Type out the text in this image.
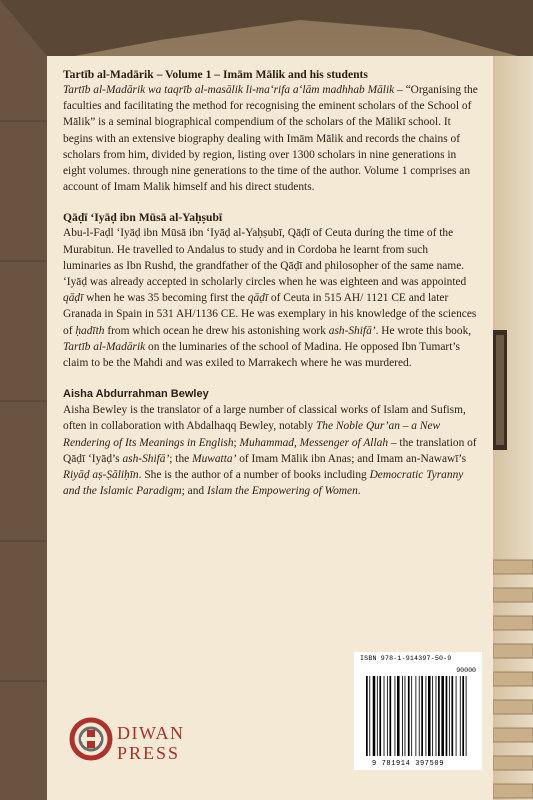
Tartīb al-Madārik – Volume 1 – Imām Mālik and his students

Tartīb al-Madārik wa taqrīb al-masālik li-ma‘rifa a‘lām madhhab Mālik – “Organising the faculties and facilitating the method for recognising the eminent scholars of the School of Mālik” is a seminal biographical compendium of the scholars of the Mālikī school. It begins with an extensive biography dealing with Imām Mālik and records the chains of scholars from him, divided by region, listing over 1300 scholars in nine generations in eight volumes. through nine generations to the time of the author. Volume 1 comprises an account of Imam Malik himself and his direct students.

Qāḍī ‘Iyāḍ ibn Mūsā al-Yaḥṣubī

Abu-l-Faḍl ‘Iyāḍ ibn Mūsā ibn ‘Iyāḍ al-Yaḥṣubī, Qāḍī of Ceuta during the time of the Murabitun. He travelled to Andalus to study and in Cordoba he learnt from such luminaries as Ibn Rushd, the grandfather of the Qāḍī and philosopher of the same name. ‘Iyāḍ was already accepted in scholarly circles when he was eighteen and was appointed qāḍī when he was 35 becoming first the qāḍī of Ceuta in 515 AH/ 1121 CE and later Granada in Spain in 531 AH/1136 CE. He was exemplary in his knowledge of the sciences of ḥadīth from which ocean he drew his astonishing work ash-Shifā’. He wrote this book, Tartīb al-Madārik on the luminaries of the school of Madina. He opposed Ibn Tumart’s claim to be the Mahdi and was exiled to Marrakech where he was murdered.

Aisha Abdurrahman Bewley

Aisha Bewley is the translator of a large number of classical works of Islam and Sufism, often in collaboration with Abdalhaqq Bewley, notably The Noble Qur’an – a New Rendering of Its Meanings in English; Muhammad, Messenger of Allah – the translation of Qāḍī ‘Iyāḍ’s ash-Shifā’; the Muwatta’ of Imam Mālik ibn Anas; and Imam an-Nawawī’s Riyāḍ aṣ-Ṣāliḥīn. She is the author of a number of books including Democratic Tyranny and the Islamic Paradigm; and Islam the Empowering of Women.

DIWAN
PRESS
ISBN 978-1-914397-50-9
90000
9 781914 397509
